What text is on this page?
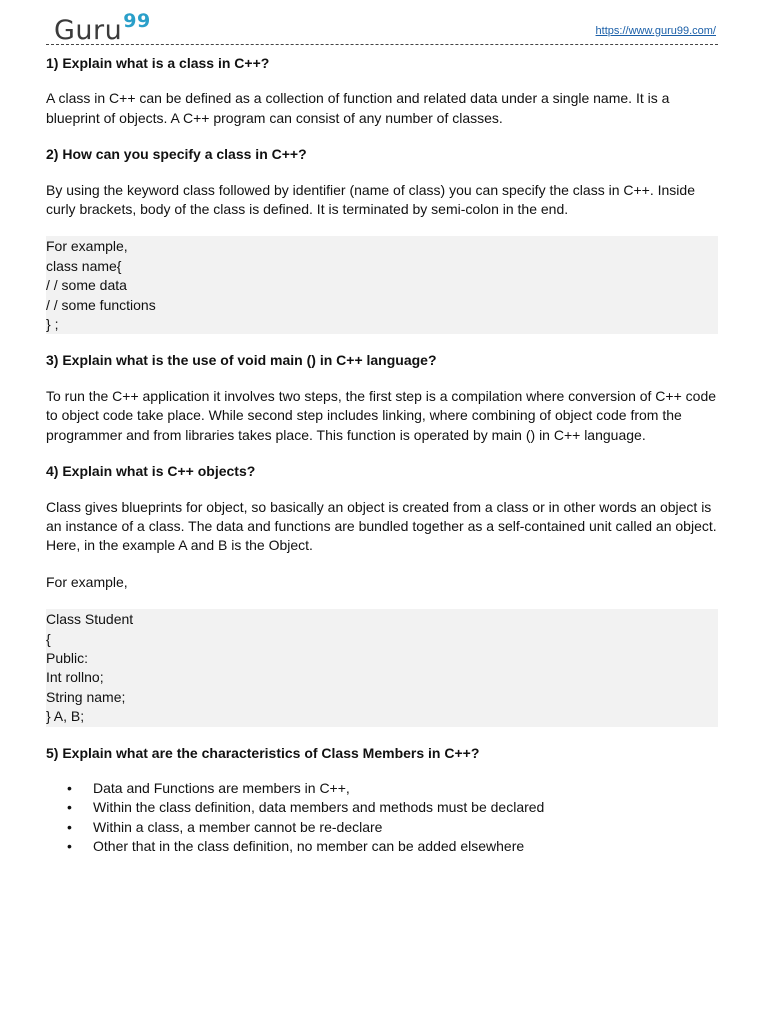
Guru$^{99}$	https://www.guru99.com/
1) Explain what is a class in C++?
A class in C++ can be defined as a collection of function and related data under a single name. It is a blueprint of objects. A C++ program can consist of any number of classes.
2) How can you specify a class in C++?
By using the keyword class followed by identifier (name of class) you can specify the class in C++. Inside curly brackets, body of the class is defined. It is terminated by semi-colon in the end.
For example,
class name{
/ / some data
/ / some functions
} ;
3) Explain what is the use of void main () in C++ language?
To run the C++ application it involves two steps, the first step is a compilation where conversion of C++ code to object code take place. While second step includes linking, where combining of object code from the programmer and from libraries takes place. This function is operated by main () in C++ language.
4) Explain what is C++ objects?
Class gives blueprints for object, so basically an object is created from a class or in other words an object is an instance of a class. The data and functions are bundled together as a self-contained unit called an object. Here, in the example A and B is the Object.
For example,
Class Student
{
Public:
Int rollno;
String name;
} A, B;
5) Explain what are the characteristics of Class Members in C++?
• Data and Functions are members in C++,
• Within the class definition, data members and methods must be declared
• Within a class, a member cannot be re-declare
• Other that in the class definition, no member can be added elsewhere
